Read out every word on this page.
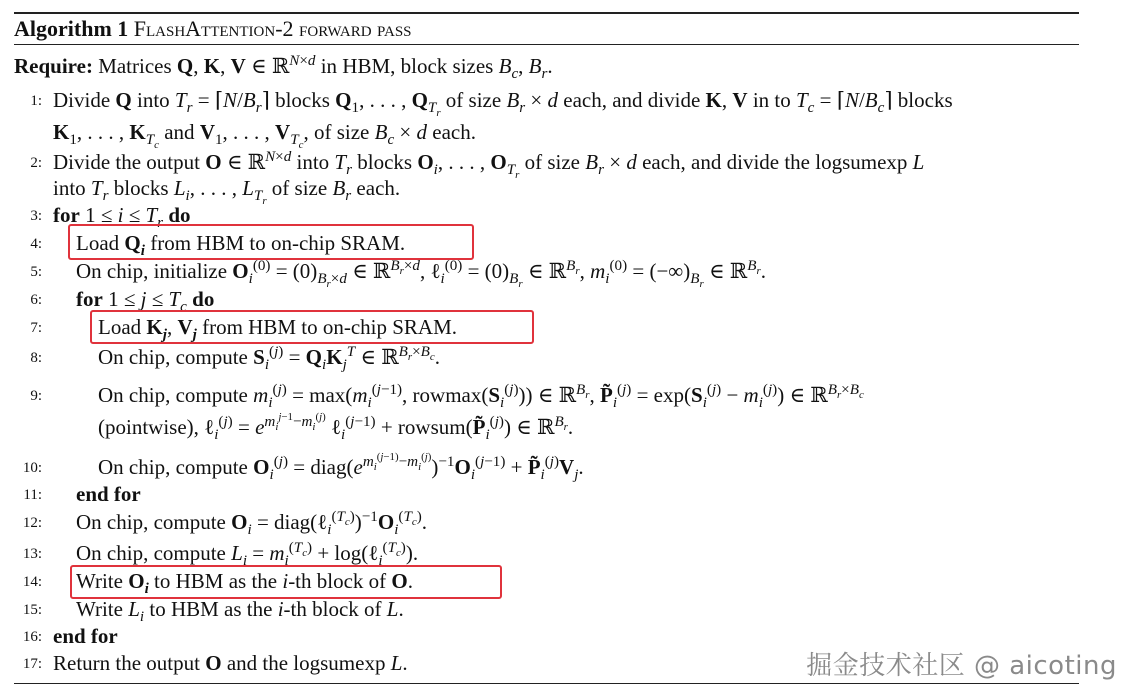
Algorithm 1 FlashAttention-2 forward pass
Require: Matrices Q, K, V ∈ ℝ$^{N\times d}$ in HBM, block sizes $B_c$, $B_r$.
1: Divide Q into $T_r$ = $⌈N/B_r⌉$ blocks $Q_1$, . . . , $Q_{T_r}$ of size $B_r \times d$ each, and divide K, V in to $T_c$ = $⌈N/B_c⌉$ blocks
$K_1$, . . . , $K_{T_c}$ and $V_1$, . . . , $V_{T_c}$, of size $B_c \times d$ each.
2: Divide the output O ∈ ℝ$^{N\times d}$ into $T_r$ blocks $O_i$, . . . , $O_{T_r}$ of size $B_r \times d$ each, and divide the logsumexp L
into $T_r$ blocks $L_i$, . . . , $L_{T_r}$ of size $B_r$ each.
3: for $1 \le i \le T_r$ do
4: Load $Q_i$ from HBM to on-chip SRAM.
5: On chip, initialize $O_i^{(0)} = (0)_{B_r\times d}$ ∈ ℝ$^{B_r\times d}$, ℓ$_i^{(0)}$ = $(0)_{B_r}$ ∈ ℝ$^{B_r}$, $m_i^{(0)} = (-\infty)_{B_r}$ ∈ ℝ$^{B_r}$.
6: for $1 \le j \le T_c$ do
7:	Load $K_j$, $V_j$ from HBM to on-chip SRAM.
8:	On chip, compute $S_i^{(j)} = Q_iK_j^T$ ∈ ℝ$^{B_r\times B_c}$.
9:	On chip, compute $m_i^{(j)} = \max(m_i^{(j-1)}$, $rowmax(S_i^{(j)})$) ∈ ℝ$^{B_r}$, $P̃_i^{(j)} = \exp(S_i^{(j)} - m_i^{(j)})$ ∈ ℝ$^{B_r\times B_c}$
(pointwise), ℓ$_i^{(j)}$ = $e^{m_i^{j-1}-m_i^{(j)}}$ ℓ$_i^{(j-1)}$ + $rowsum(P̃_i^{(j)})$ ∈ ℝ$^{B_r}$.
10:	On chip, compute $O_i^{(j)}$ = $diag(e^{m_i^{(j-1)}-m_i^{(j)}})^{-1}O_i^{(j-1)}$ + $P̃_i^{(j)}V_j$.
11: end for
12: On chip, compute $O_i$ = $diag(\ell_i^{(T_c)})^{-1}O_i^{(T_c)}$.
13: On chip, compute $L_i = m_i^{(T_c)}$ + log(ℓ$_i^{(T_c)}$).
14: Write $O_i$ to HBM as the i-th block of O.
15: Write $L_i$ to HBM as the i-th block of L.
16: end for
17: Return the output O and the logsumexp L.	掘金技术社区 @ aicoting
